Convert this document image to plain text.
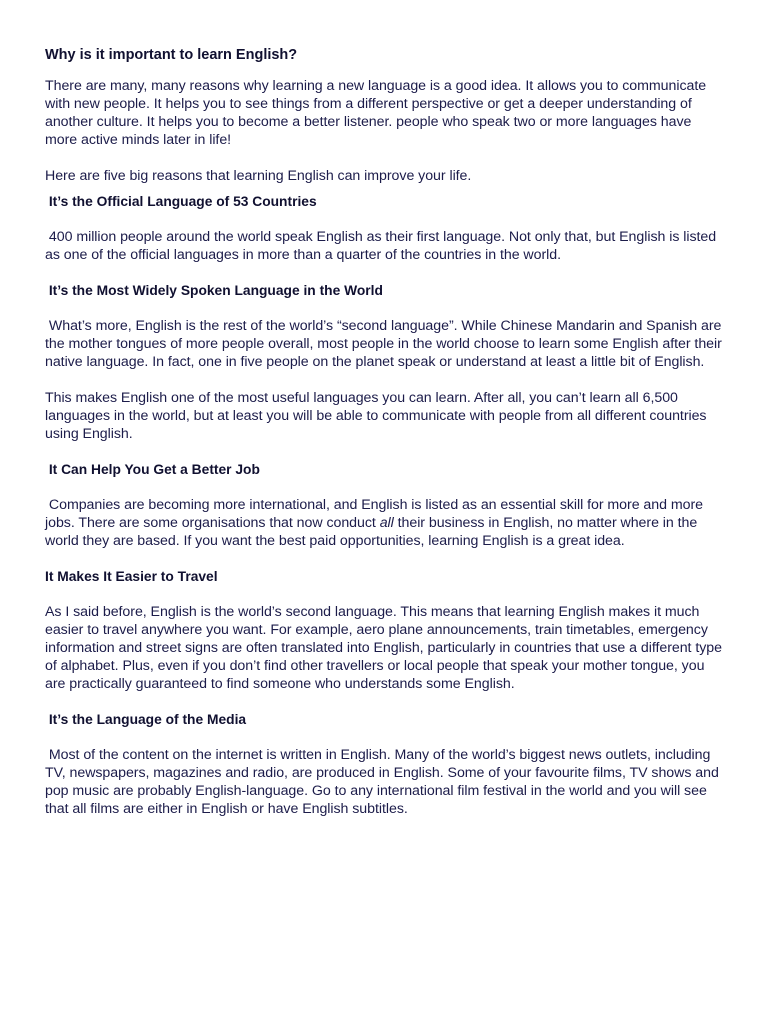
Why is it important to learn English?

There are many, many reasons why learning a new language is a good idea. It allows you to communicate with new people. It helps you to see things from a different perspective or get a deeper understanding of another culture. It helps you to become a better listener. people who speak two or more languages have more active minds later in life!

Here are five big reasons that learning English can improve your life.

It’s the Official Language of 53 Countries

400 million people around the world speak English as their first language. Not only that, but English is listed as one of the official languages in more than a quarter of the countries in the world.

It’s the Most Widely Spoken Language in the World

What’s more, English is the rest of the world’s “second language”. While Chinese Mandarin and Spanish are the mother tongues of more people overall, most people in the world choose to learn some English after their native language. In fact, one in five people on the planet speak or understand at least a little bit of English.

This makes English one of the most useful languages you can learn. After all, you can’t learn all 6,500 languages in the world, but at least you will be able to communicate with people from all different countries using English.

It Can Help You Get a Better Job

Companies are becoming more international, and English is listed as an essential skill for more and more jobs. There are some organisations that now conduct all their business in English, no matter where in the world they are based. If you want the best paid opportunities, learning English is a great idea.

It Makes It Easier to Travel

As I said before, English is the world’s second language. This means that learning English makes it much easier to travel anywhere you want. For example, aero plane announcements, train timetables, emergency information and street signs are often translated into English, particularly in countries that use a different type of alphabet. Plus, even if you don’t find other travellers or local people that speak your mother tongue, you are practically guaranteed to find someone who understands some English.

It’s the Language of the Media

Most of the content on the internet is written in English. Many of the world’s biggest news outlets, including TV, newspapers, magazines and radio, are produced in English. Some of your favourite films, TV shows and pop music are probably English-language. Go to any international film festival in the world and you will see that all films are either in English or have English subtitles.
